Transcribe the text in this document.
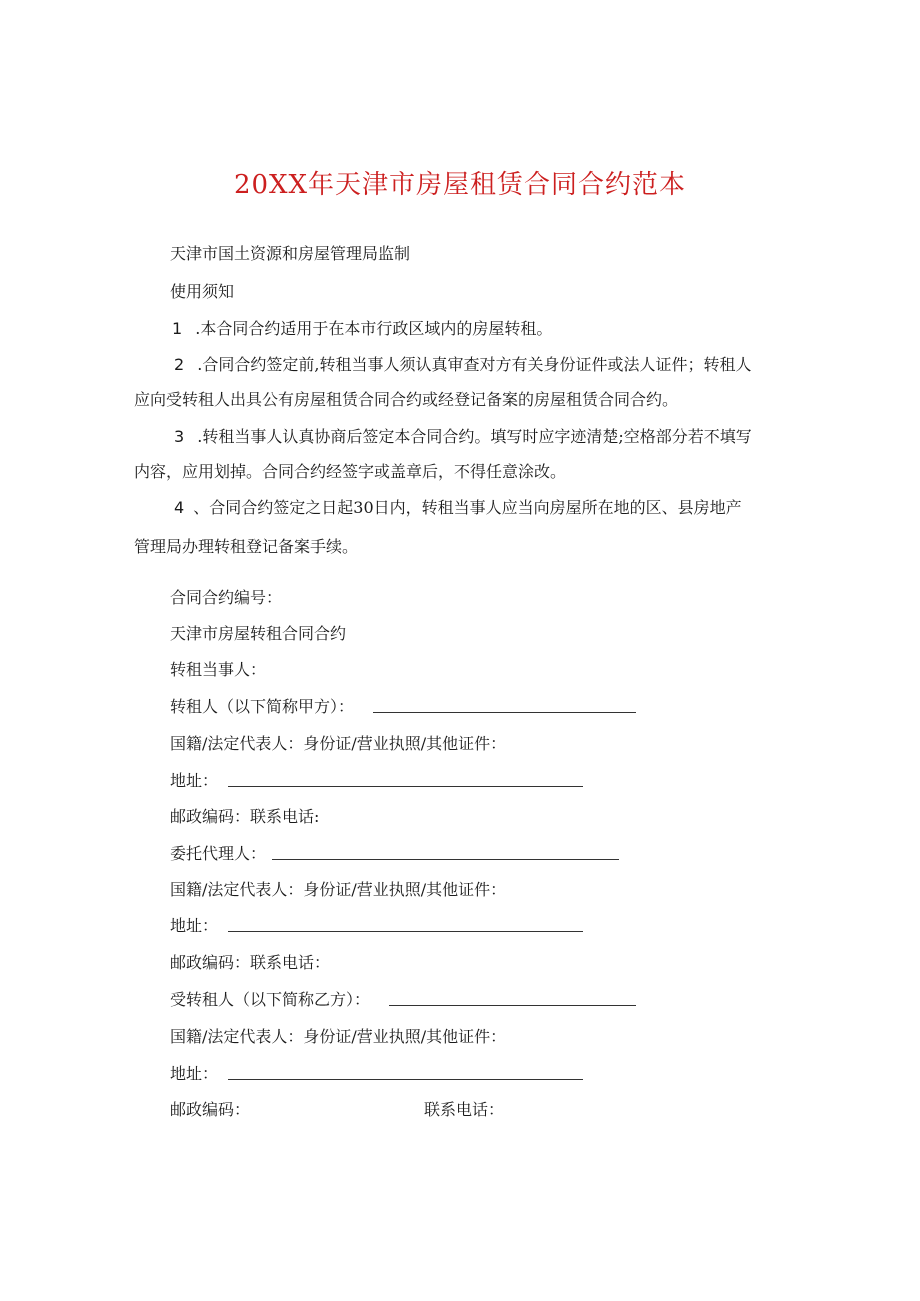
20XX年天津市房屋租赁合同合约范本
天津市国土资源和房屋管理局监制
使用须知
1 .本合同合约适用于在本市行政区域内的房屋转租。
2 .合同合约签定前,转租当事人须认真审查对方有关身份证件或法人证件；转租人
应向受转租人出具公有房屋租赁合同合约或经登记备案的房屋租赁合同合约。
3 .转租当事人认真协商后签定本合同合约。填写时应字迹清楚;空格部分若不填写
内容，应用划掉。合同合约经签字或盖章后，不得任意涂改。
4 、合同合约签定之日起30日内，转租当事人应当向房屋所在地的区、县房地产
管理局办理转租登记备案手续。
合同合约编号：
天津市房屋转租合同合约
转租当事人：
转租人（以下简称甲方）：
国籍/法定代表人：身份证/营业执照/其他证件：
地址：
邮政编码：联系电话:
委托代理人：
国籍/法定代表人：身份证/营业执照/其他证件：
地址：
邮政编码：联系电话：
受转租人（以下简称乙方）：
国籍/法定代表人：身份证/营业执照/其他证件：
地址：
邮政编码：	联系电话：
